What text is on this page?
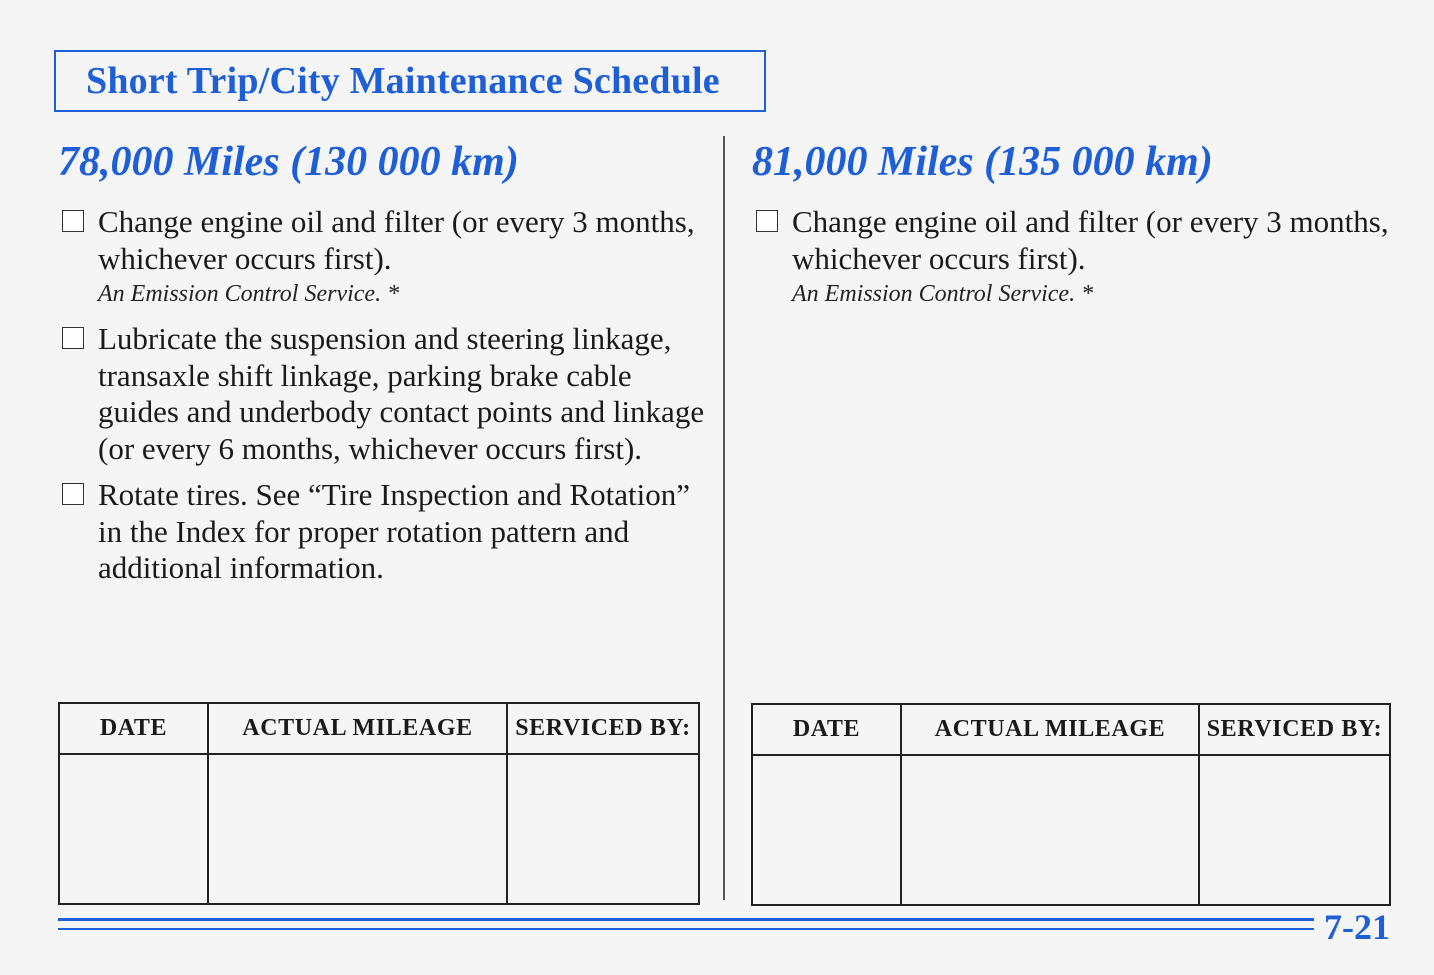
Short Trip/City Maintenance Schedule
78,000 Miles (130 000 km)
Change engine oil and filter (or every 3 months, whichever occurs first).
An Emission Control Service. *
Lubricate the suspension and steering linkage, transaxle shift linkage, parking brake cable guides and underbody contact points and linkage (or every 6 months, whichever occurs first).
Rotate tires. See “Tire Inspection and Rotation” in the Index for proper rotation pattern and additional information.
81,000 Miles (135 000 km)
Change engine oil and filter (or every 3 months, whichever occurs first).
An Emission Control Service. *
DATE	ACTUAL MILEAGE	SERVICED BY:
			DATE	ACTUAL MILEAGE	SERVICED BY:

7-21
